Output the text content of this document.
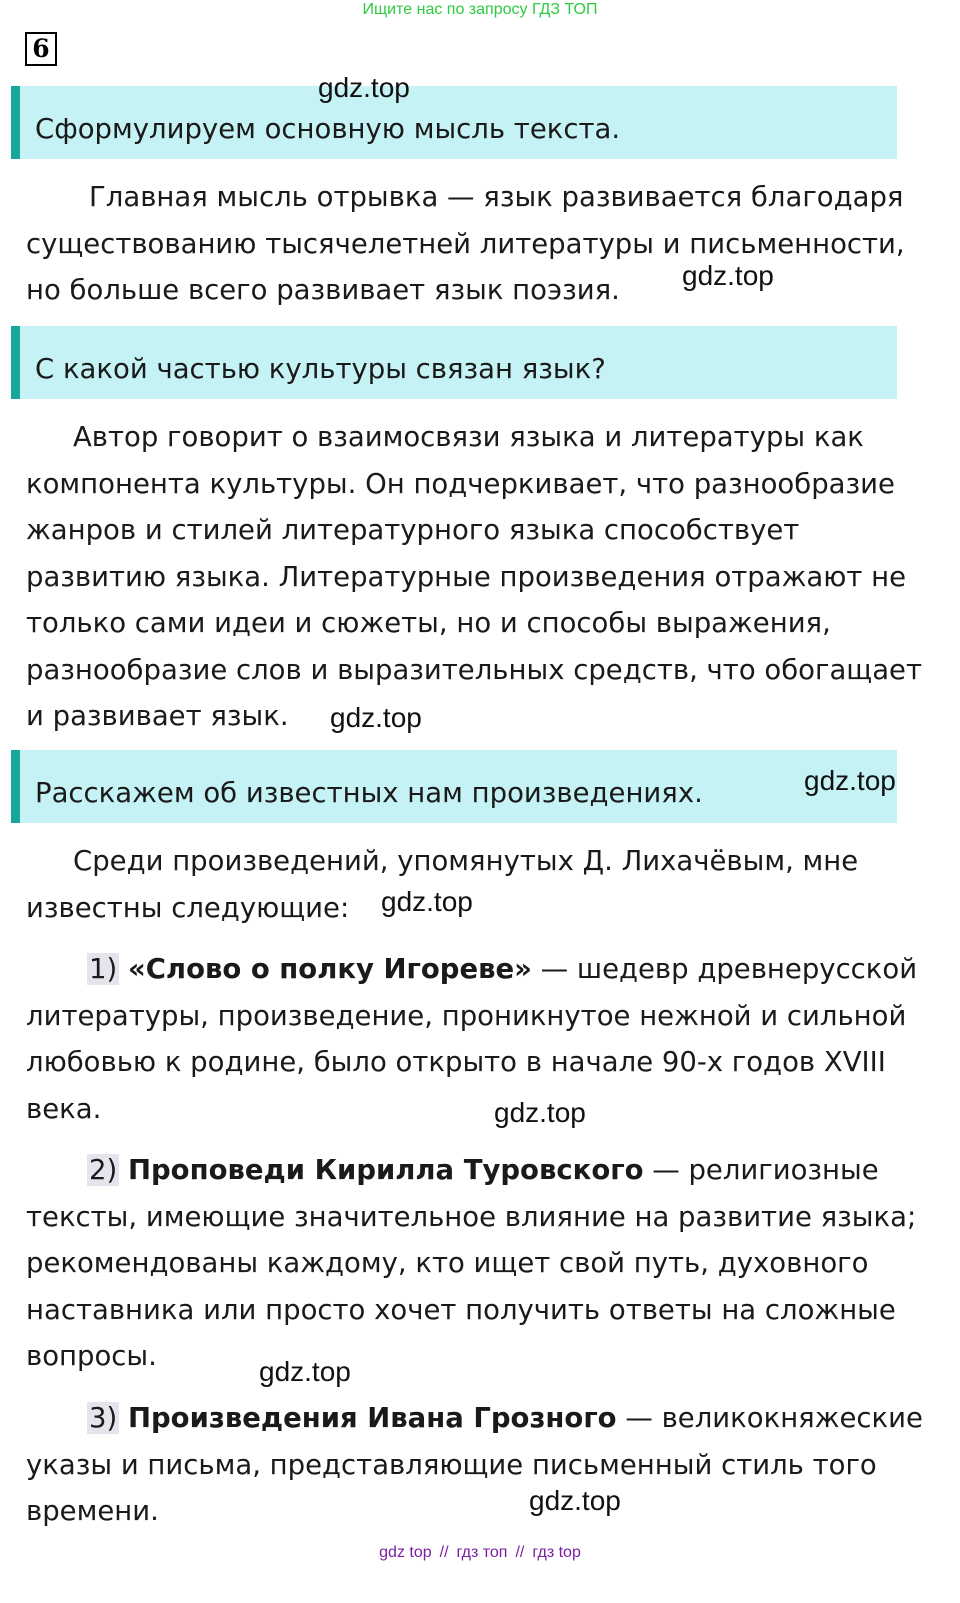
Ищите нас по запросу ГДЗ ТОП
6
Сформулируем основную мысль текста.

Главная мысль отрывка — язык развивается благодаря существованию тысячелетней литературы и письменности, но больше всего развивает язык поэзия.

С какой частью культуры связан язык?

Автор говорит о взаимосвязи языка и литературы как компонента культуры. Он подчеркивает, что разнообразие жанров и стилей литературного языка способствует развитию языка. Литературные произведения отражают не только сами идеи и сюжеты, но и способы выражения, разнообразие слов и выразительных средств, что обогащает и развивает язык.

Расскажем об известных нам произведениях.

Среди произведений, упомянутых Д. Лихачёвым, мне известны следующие:

1) «Слово о полку Игореве» — шедевр древнерусской литературы, произведение, проникнутое нежной и сильной любовью к родине, было открыто в начале 90-х годов XVIII века.

2) Проповеди Кирилла Туровского — религиозные тексты, имеющие значительное влияние на развитие языка; рекомендованы каждому, кто ищет свой путь, духовного наставника или просто хочет получить ответы на сложные вопросы.

3) Произведения Ивана Грозного — великокняжеские указы и письма, представляющие письменный стиль того времени.

gdz.top
gdz.top
gdz.top
gdz.top
gdz.top
gdz.top
gdz.top
gdz.top
gdz top // гдз топ // гдз top
